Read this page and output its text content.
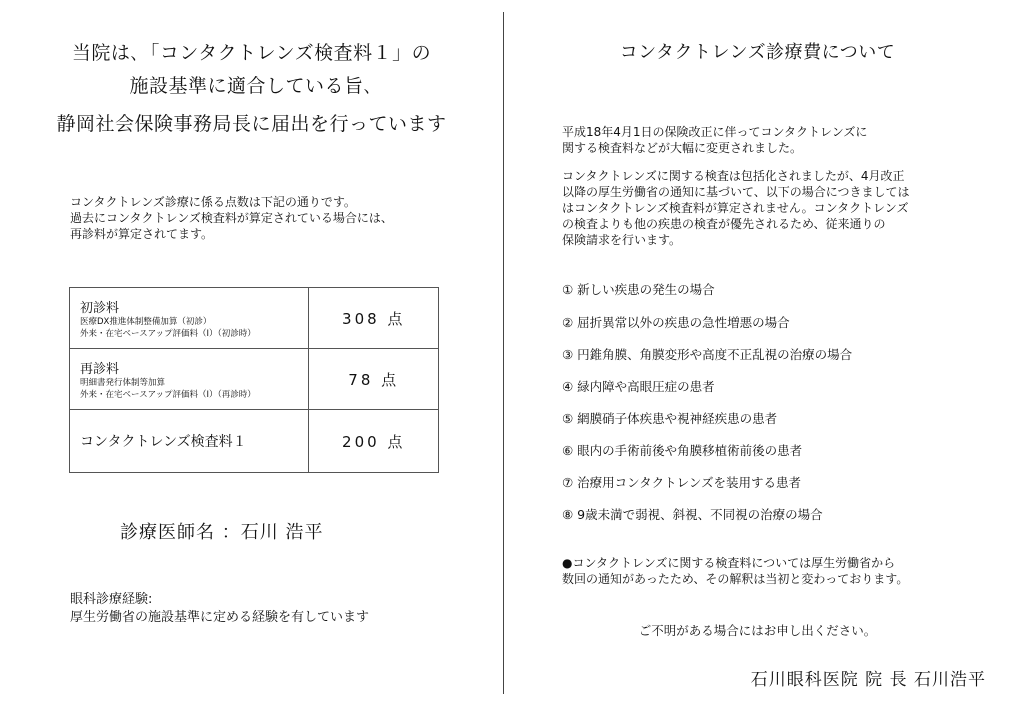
当院は､「コンタクトレンズ検査料１」の
施設基準に適合している旨､
静岡社会保険事務局長に届出を行っています
コンタクトレンズ診療に係る点数は下記の通りです。
過去にコンタクトレンズ検査料が算定されている場合には、
再診料が算定されてます。
初診料
医療DX推進体制整備加算（初診）
外来・在宅ベースアップ評価料（Ⅰ）（初診時）	308 点

再診料
明細書発行体制等加算
外来・在宅ベースアップ評価料（Ⅰ）（再診時）	78 点

コンタクトレンズ検査料１	200 点
診療医師名 ：石川 浩平
眼科診療経験:
厚生労働省の施設基準に定める経験を有しています
コンタクトレンズ診療費について
平成18年4月1日の保険改正に伴ってコンタクトレンズに
関する検査料などが大幅に変更されました。
コンタクトレンズに関する検査は包括化されましたが、4月改正
以降の厚生労働省の通知に基づいて、以下の場合につきましては
はコンタクトレンズ検査料が算定されません。コンタクトレンズ
の検査よりも他の疾患の検査が優先されるため、従来通りの
保険請求を行います。
① 新しい疾患の発生の場合
② 屈折異常以外の疾患の急性増悪の場合
③ 円錐角膜、角膜変形や高度不正乱視の治療の場合
④ 緑内障や高眼圧症の患者
⑤ 網膜硝子体疾患や視神経疾患の患者
⑥ 眼内の手術前後や角膜移植術前後の患者
⑦ 治療用コンタクトレンズを装用する患者
⑧ 9歳未満で弱視、斜視、不同視の治療の場合
●コンタクトレンズに関する検査料については厚生労働省から
数回の通知があったため、その解釈は当初と変わっております。
ご不明がある場合にはお申し出ください。
石川眼科医院 院 長 石川浩平
